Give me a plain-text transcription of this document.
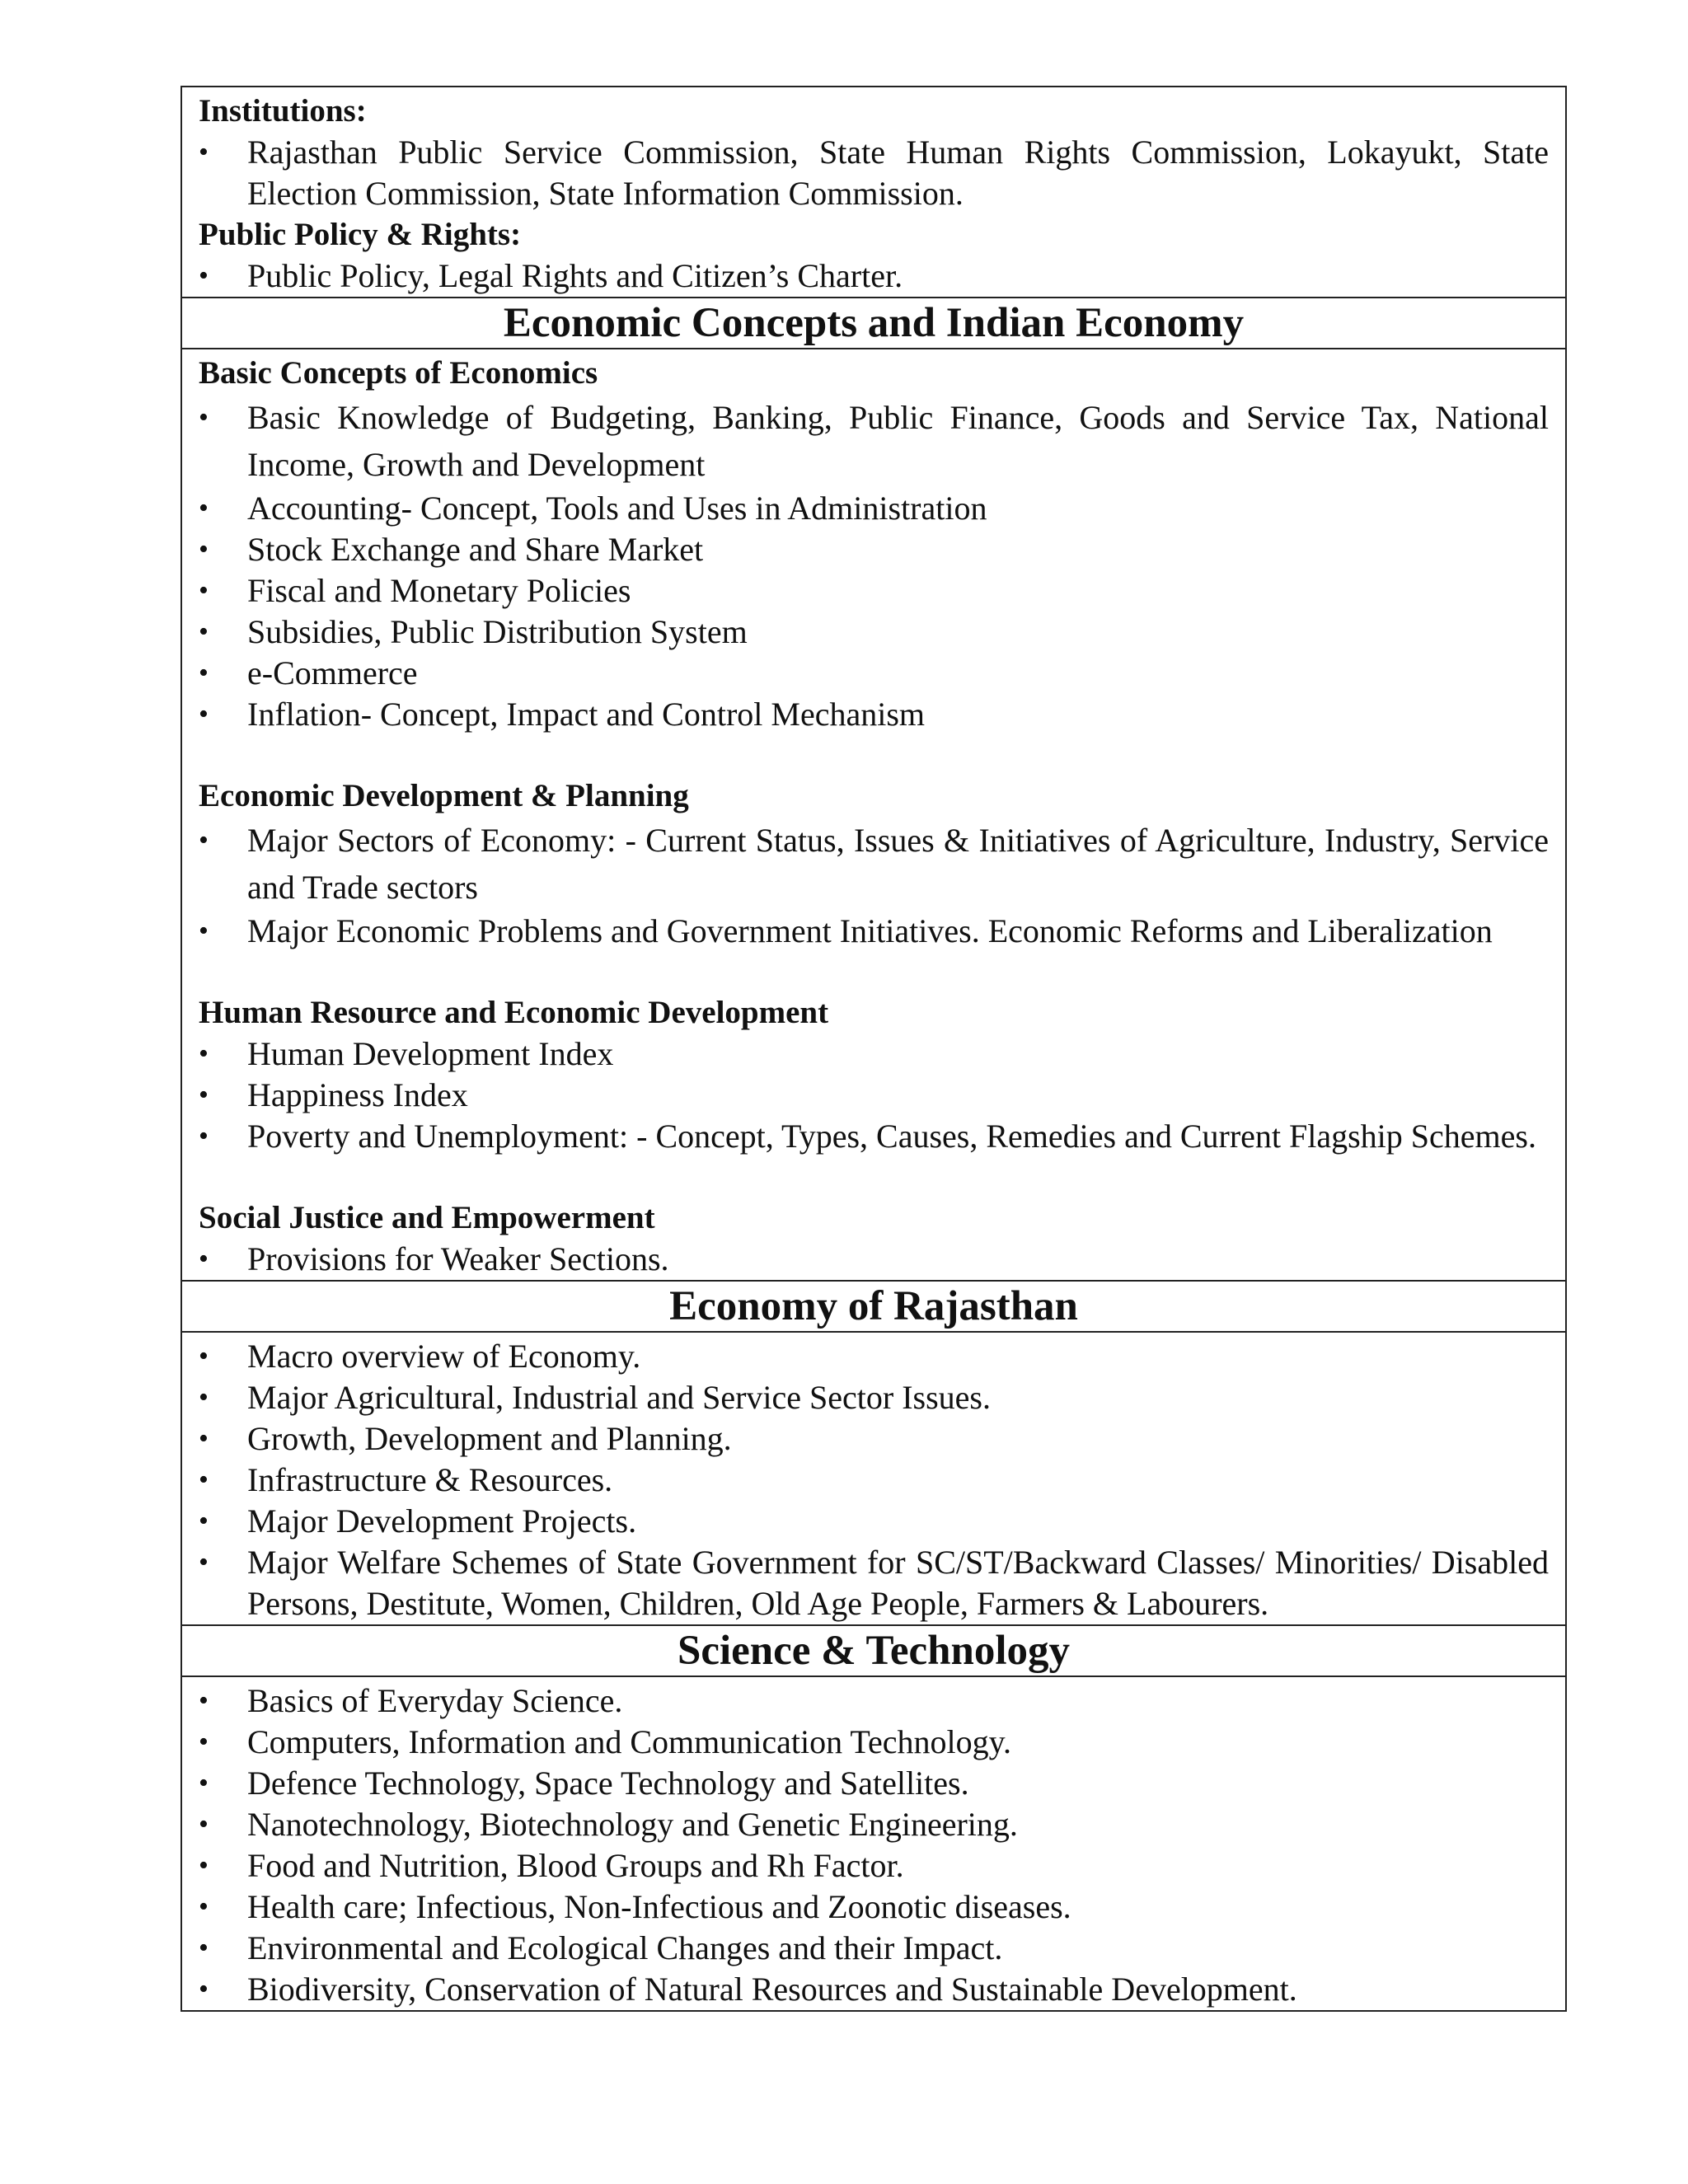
Institutions:
• Rajasthan Public Service Commission, State Human Rights Commission, Lokayukt, State Election Commission, State Information Commission.
Public Policy & Rights:
• Public Policy, Legal Rights and Citizen’s Charter.
Economic Concepts and Indian Economy
Basic Concepts of Economics
• Basic Knowledge of Budgeting, Banking, Public Finance, Goods and Service Tax, National Income, Growth and Development
• Accounting- Concept, Tools and Uses in Administration
• Stock Exchange and Share Market
• Fiscal and Monetary Policies
• Subsidies, Public Distribution System
• e-Commerce
• Inflation- Concept, Impact and Control Mechanism
Economic Development & Planning
• Major Sectors of Economy: - Current Status, Issues & Initiatives of Agriculture, Industry, Service and Trade sectors
• Major Economic Problems and Government Initiatives. Economic Reforms and Liberalization
Human Resource and Economic Development
• Human Development Index
• Happiness Index
• Poverty and Unemployment: - Concept, Types, Causes, Remedies and Current Flagship Schemes.
Social Justice and Empowerment
• Provisions for Weaker Sections.
Economy of Rajasthan
• Macro overview of Economy.
• Major Agricultural, Industrial and Service Sector Issues.
• Growth, Development and Planning.
• Infrastructure & Resources.
• Major Development Projects.
• Major Welfare Schemes of State Government for SC/ST/Backward Classes/ Minorities/ Disabled Persons, Destitute, Women, Children, Old Age People, Farmers & Labourers.
Science & Technology
• Basics of Everyday Science.
• Computers, Information and Communication Technology.
• Defence Technology, Space Technology and Satellites.
• Nanotechnology, Biotechnology and Genetic Engineering.
• Food and Nutrition, Blood Groups and Rh Factor.
• Health care; Infectious, Non-Infectious and Zoonotic diseases.
• Environmental and Ecological Changes and their Impact.
• Biodiversity, Conservation of Natural Resources and Sustainable Development.
